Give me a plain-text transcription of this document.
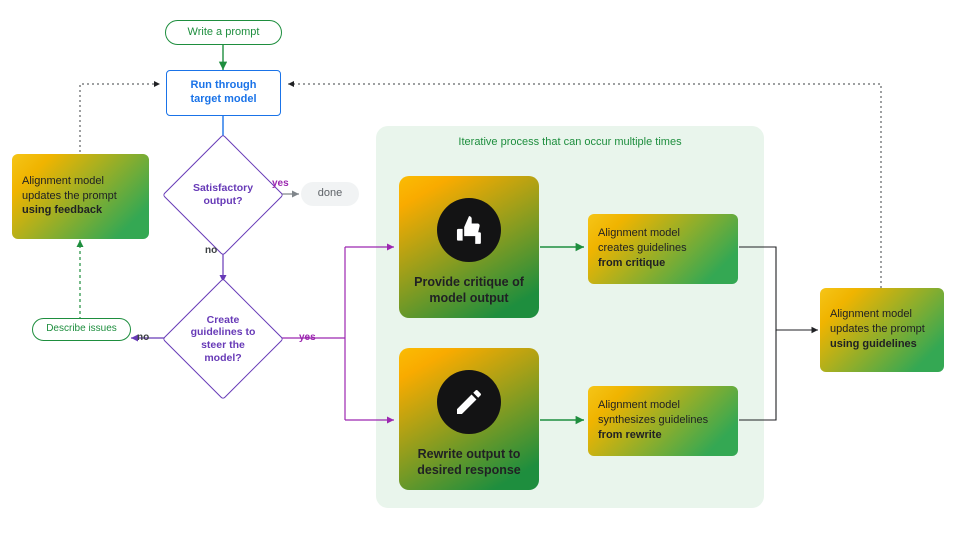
Iterative process that can occur multiple times
Write a prompt
Run through
target model
Satisfactory
output?
yes
no
done
Create
guidelines to
steer the
model?
no	yes
Describe issues
Alignment model
updates the prompt
using feedback
Provide critique of
model output
Rewrite output to
desired response
Alignment model
creates guidelines
from critique
Alignment model
synthesizes guidelines
from rewrite
Alignment model
updates the prompt
using guidelines
